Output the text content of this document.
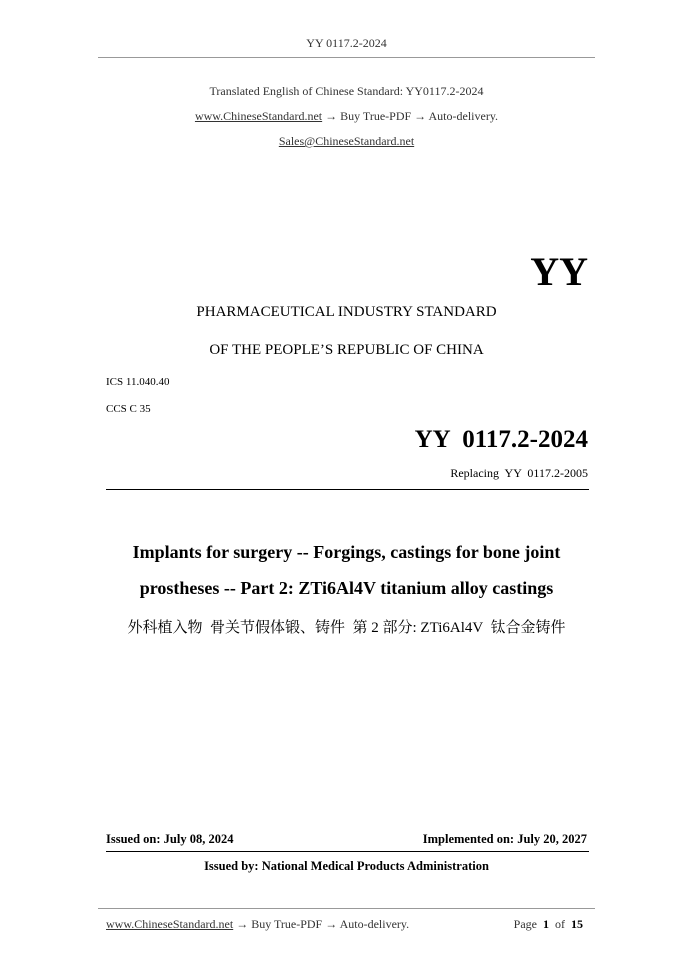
YY 0117.2-2024
Translated English of Chinese Standard: YY0117.2-2024
www.ChineseStandard.net → Buy True-PDF → Auto-delivery.
Sales@ChineseStandard.net
YY
PHARMACEUTICAL INDUSTRY STANDARD
OF THE PEOPLE’S REPUBLIC OF CHINA
ICS 11.040.40
CCS C 35
YY  0117.2-2024
Replacing  YY  0117.2-2005
Implants for surgery -- Forgings, castings for bone joint
prostheses -- Part 2: ZTi6Al4V titanium alloy castings
外科植入物  骨关节假体锻、铸件  第 2 部分: ZTi6Al4V  钛合金铸件
Issued on: July 08, 2024	Implemented on: July 20, 2027
Issued by: National Medical Products Administration
www.ChineseStandard.net → Buy True-PDF → Auto-delivery.	Page 1 of 15
